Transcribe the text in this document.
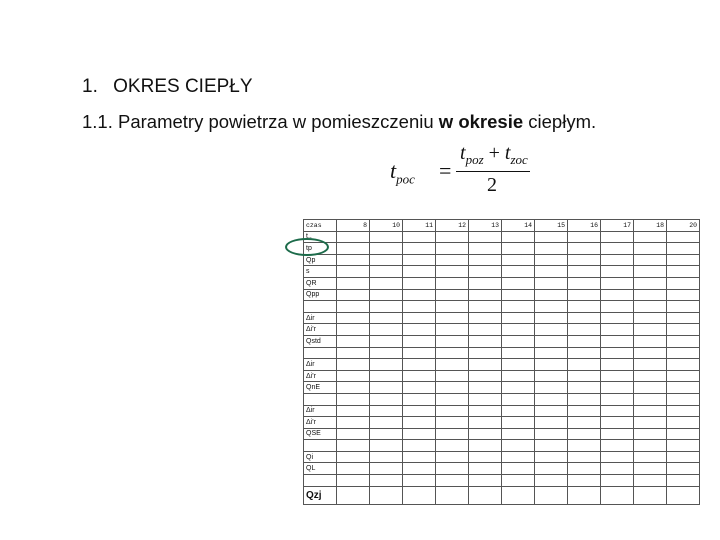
1. OKRES CIEPŁY
1.1. Parametry powietrza w pomieszczeniu w okresie ciepłym.
$t_{poc}$ =
$t_{poz} + t_{zoc}$
2
czas	8	10	11	12	13	14	15	16	17	18	20
t..											
tp											
Qp											
s											
QR											
Qpp											

Δir											
Δi'r											
Qstd											

Δir											
Δi'r											
QnE											

Δir											
Δi'r											
QSE											

Qi											
QL											

Qzj											
